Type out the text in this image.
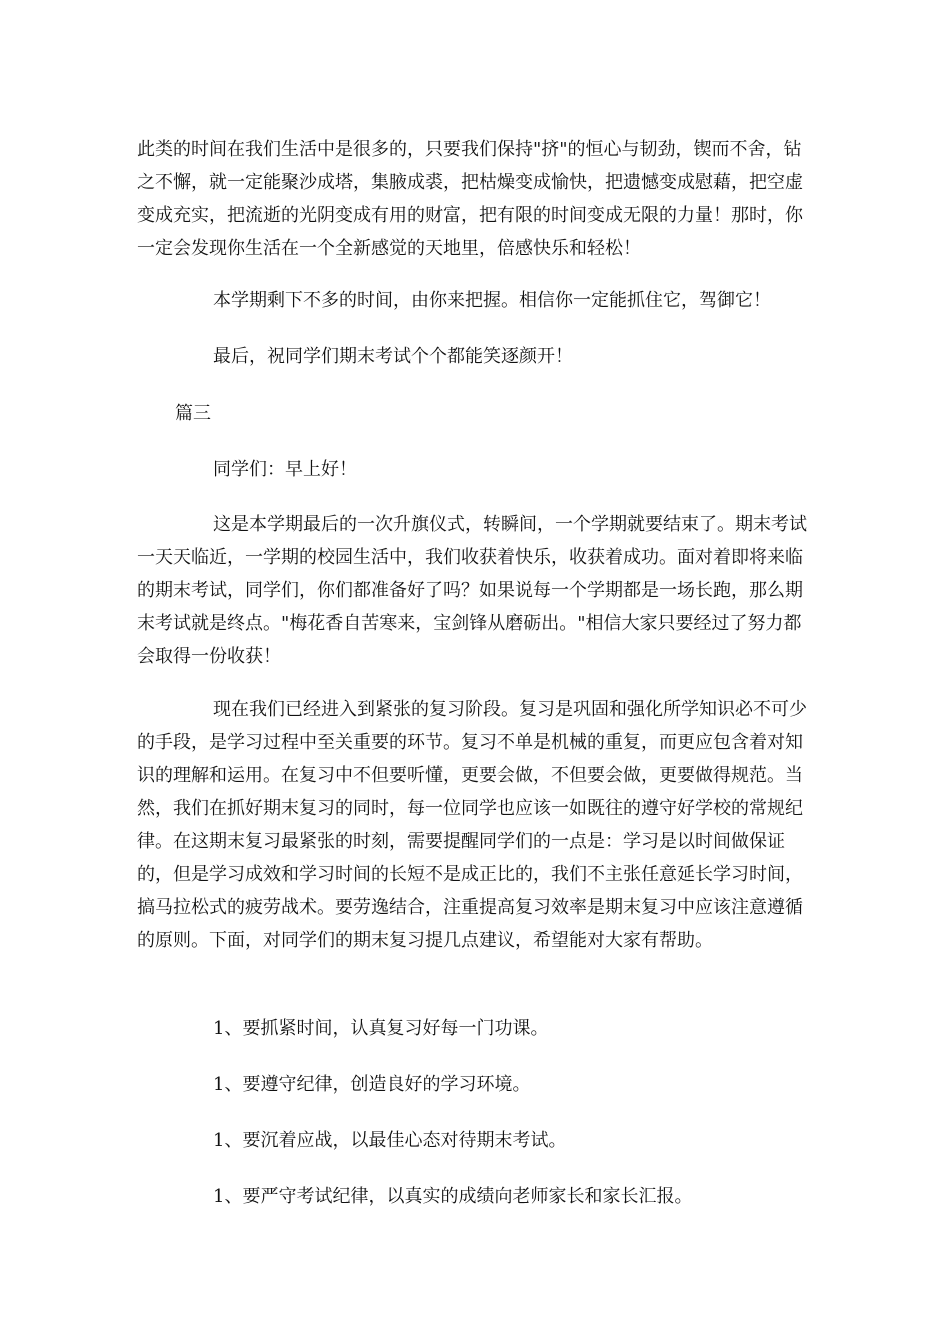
此类的时间在我们生活中是很多的，只要我们保持"挤"的恒心与韧劲，锲而不舍，钻之不懈，就一定能聚沙成塔，集腋成裘，把枯燥变成愉快，把遗憾变成慰藉，把空虚变成充实，把流逝的光阴变成有用的财富，把有限的时间变成无限的力量！那时，你一定会发现你生活在一个全新感觉的天地里，倍感快乐和轻松！

本学期剩下不多的时间，由你来把握。相信你一定能抓住它，驾御它！

最后，祝同学们期末考试个个都能笑逐颜开！

篇三

同学们：早上好！

这是本学期最后的一次升旗仪式，转瞬间，一个学期就要结束了。期末考试一天天临近，一学期的校园生活中，我们收获着快乐，收获着成功。面对着即将来临的期末考试，同学们，你们都准备好了吗？如果说每一个学期都是一场长跑，那么期末考试就是终点。"梅花香自苦寒来，宝剑锋从磨砺出。"相信大家只要经过了努力都会取得一份收获！

现在我们已经进入到紧张的复习阶段。复习是巩固和强化所学知识必不可少的手段，是学习过程中至关重要的环节。复习不单是机械的重复，而更应包含着对知识的理解和运用。在复习中不但要听懂，更要会做，不但要会做，更要做得规范。当然，我们在抓好期末复习的同时，每一位同学也应该一如既往的遵守好学校的常规纪律。在这期末复习最紧张的时刻，需要提醒同学们的一点是：学习是以时间做保证的，但是学习成效和学习时间的长短不是成正比的，我们不主张任意延长学习时间，搞马拉松式的疲劳战术。要劳逸结合，注重提高复习效率是期末复习中应该注意遵循的原则。下面，对同学们的期末复习提几点建议，希望能对大家有帮助。

1、要抓紧时间，认真复习好每一门功课。

1、要遵守纪律，创造良好的学习环境。

1、要沉着应战，以最佳心态对待期末考试。

1、要严守考试纪律，以真实的成绩向老师家长和家长汇报。
